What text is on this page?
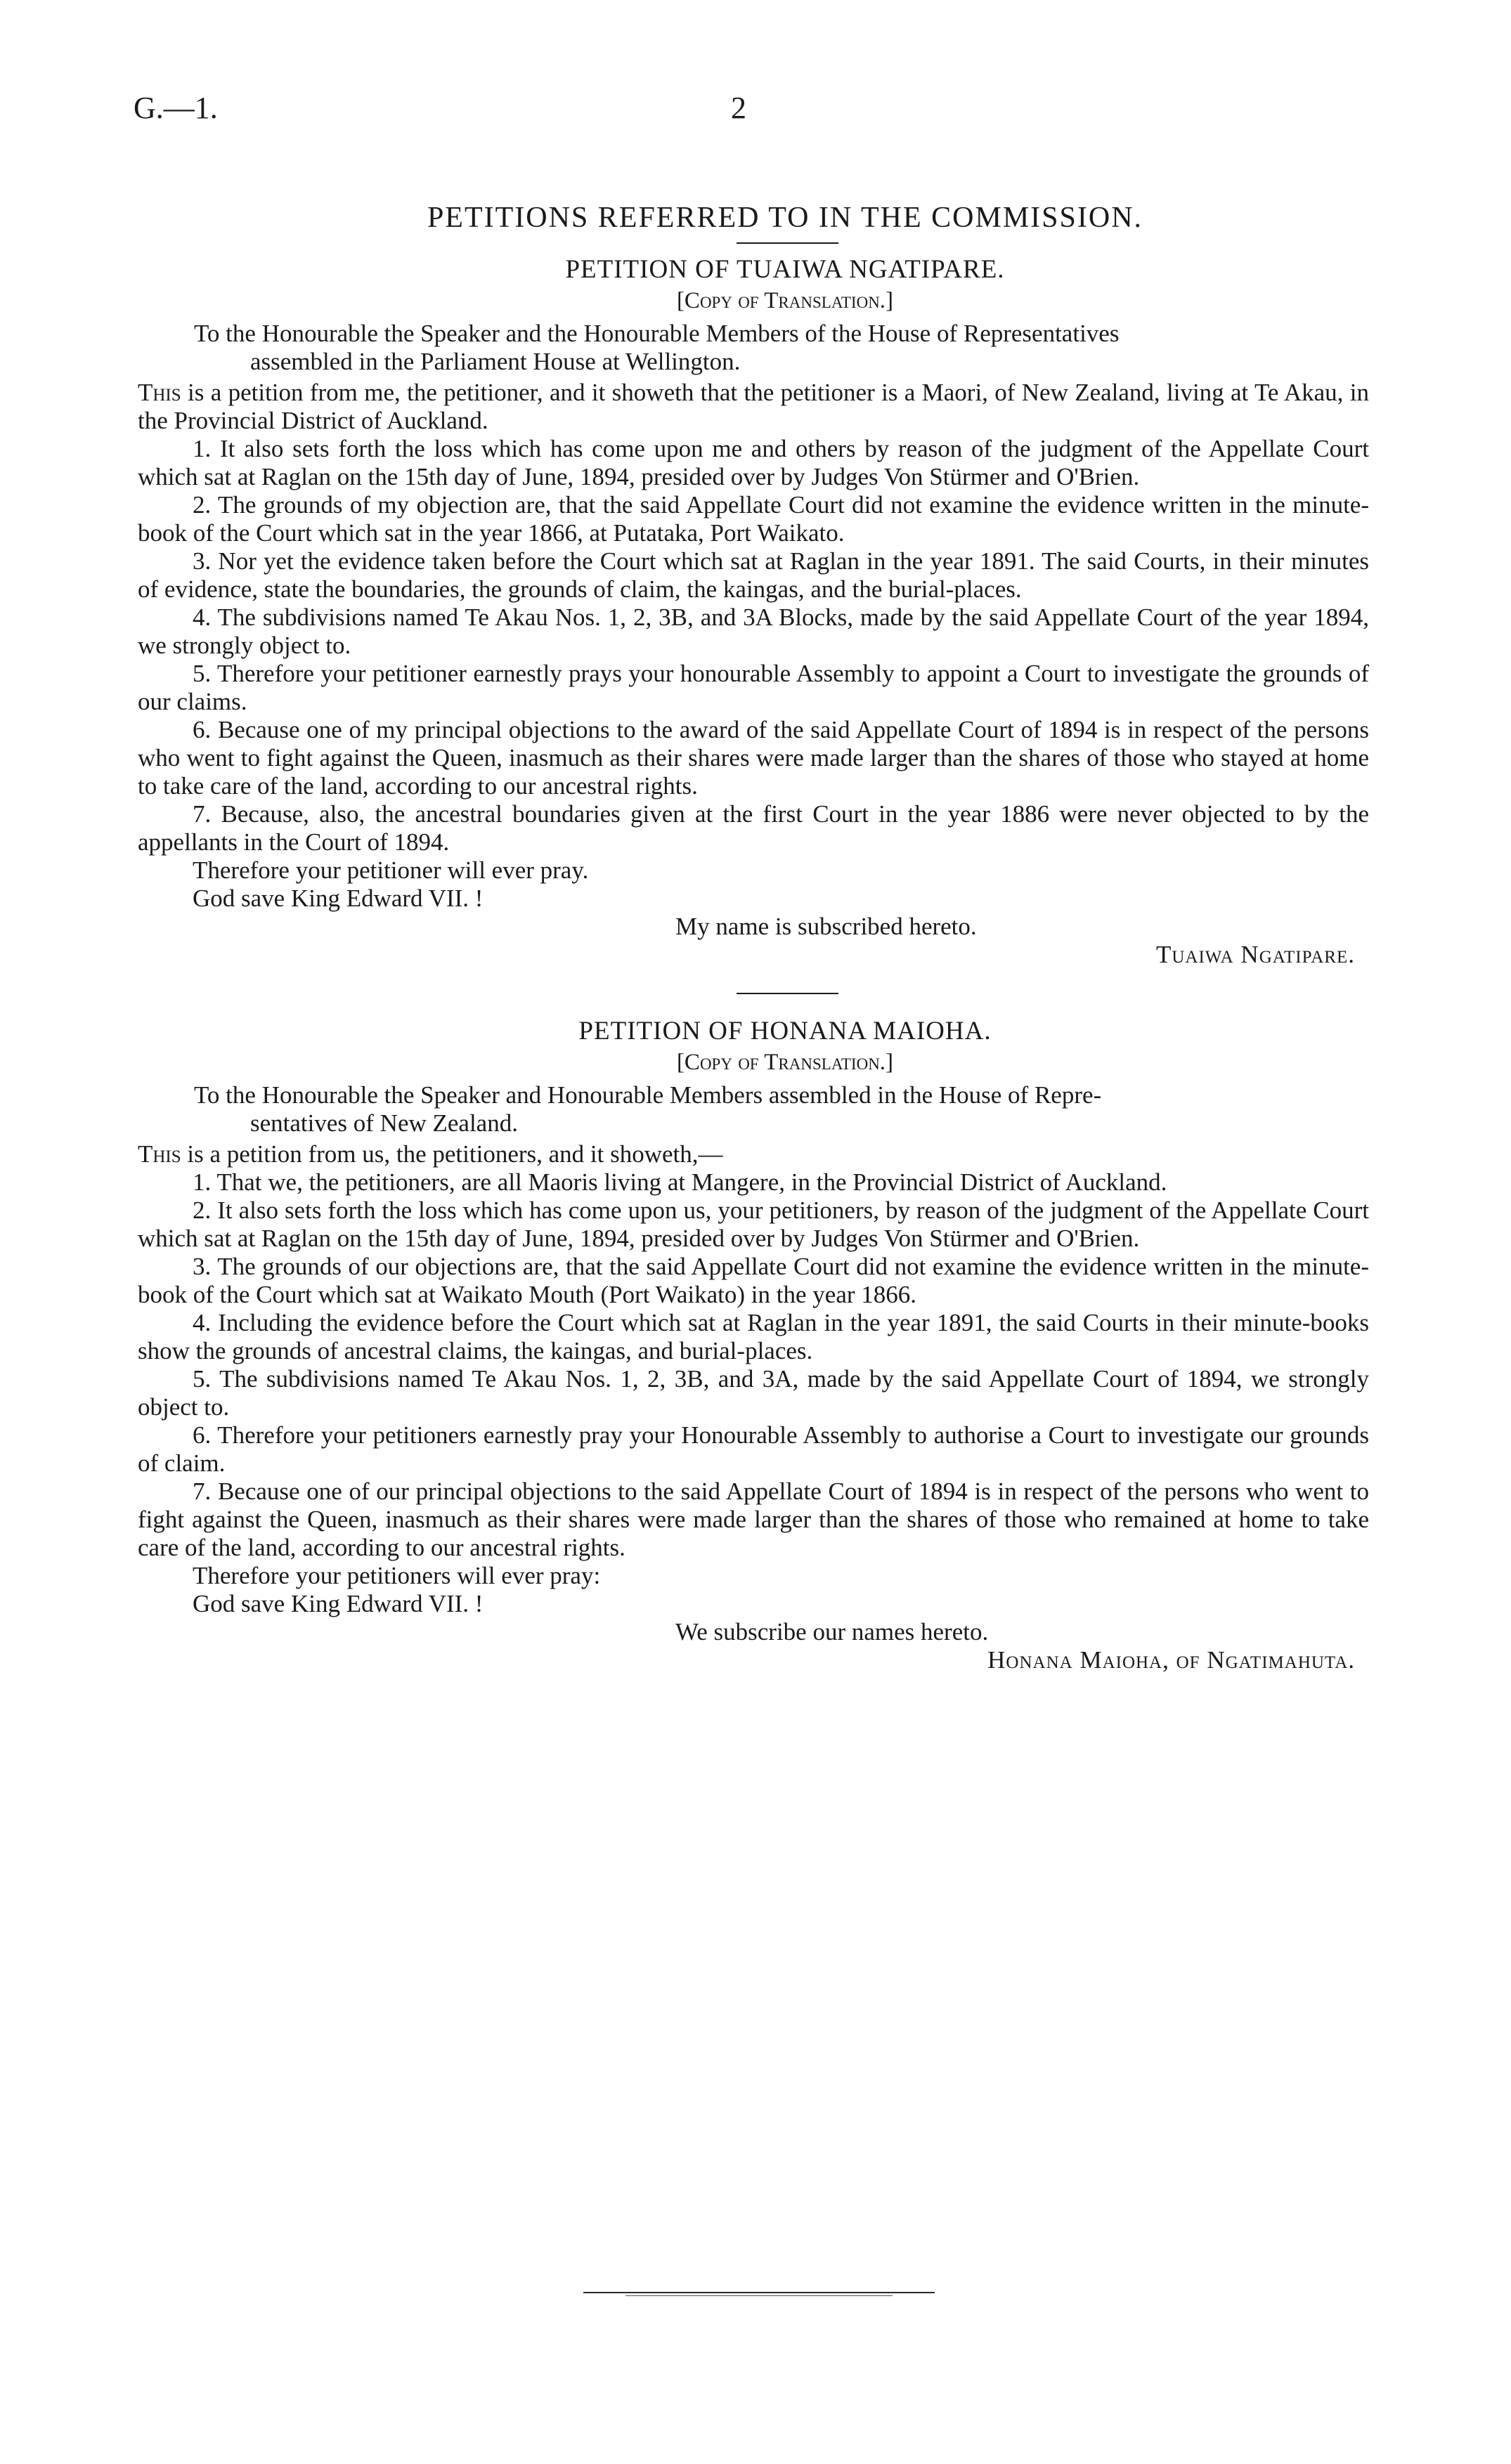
G.—1.	2
PETITIONS REFERRED TO IN THE COMMISSION.
PETITION OF TUAIWA NGATIPARE.
[Copy of Translation.]
To the Honourable the Speaker and the Honourable Members of the House of Representatives
assembled in the Parliament House at Wellington.

This is a petition from me, the petitioner, and it showeth that the petitioner is a Maori, of New Zealand, living at Te Akau, in the Provincial District of Auckland.

1. It also sets forth the loss which has come upon me and others by reason of the judgment of the Appellate Court which sat at Raglan on the 15th day of June, 1894, presided over by Judges Von Stürmer and O'Brien.

2. The grounds of my objection are, that the said Appellate Court did not examine the evidence written in the minute-book of the Court which sat in the year 1866, at Putataka, Port Waikato.

3. Nor yet the evidence taken before the Court which sat at Raglan in the year 1891. The said Courts, in their minutes of evidence, state the boundaries, the grounds of claim, the kaingas, and the burial-places.

4. The subdivisions named Te Akau Nos. 1, 2, 3B, and 3A Blocks, made by the said Appellate Court of the year 1894, we strongly object to.

5. Therefore your petitioner earnestly prays your honourable Assembly to appoint a Court to investigate the grounds of our claims.

6. Because one of my principal objections to the award of the said Appellate Court of 1894 is in respect of the persons who went to fight against the Queen, inasmuch as their shares were made larger than the shares of those who stayed at home to take care of the land, according to our ancestral rights.

7. Because, also, the ancestral boundaries given at the first Court in the year 1886 were never objected to by the appellants in the Court of 1894.

Therefore your petitioner will ever pray.
God save King Edward VII. !
My name is subscribed hereto.
Tuaiwa Ngatipare.
PETITION OF HONANA MAIOHA.
[Copy of Translation.]
To the Honourable the Speaker and Honourable Members assembled in the House of Repre-
sentatives of New Zealand.

This is a petition from us, the petitioners, and it showeth,—

1. That we, the petitioners, are all Maoris living at Mangere, in the Provincial District of Auckland.

2. It also sets forth the loss which has come upon us, your petitioners, by reason of the judgment of the Appellate Court which sat at Raglan on the 15th day of June, 1894, presided over by Judges Von Stürmer and O'Brien.

3. The grounds of our objections are, that the said Appellate Court did not examine the evidence written in the minute-book of the Court which sat at Waikato Mouth (Port Waikato) in the year 1866.

4. Including the evidence before the Court which sat at Raglan in the year 1891, the said Courts in their minute-books show the grounds of ancestral claims, the kaingas, and burial-places.

5. The subdivisions named Te Akau Nos. 1, 2, 3B, and 3A, made by the said Appellate Court of 1894, we strongly object to.

6. Therefore your petitioners earnestly pray your Honourable Assembly to authorise a Court to investigate our grounds of claim.

7. Because one of our principal objections to the said Appellate Court of 1894 is in respect of the persons who went to fight against the Queen, inasmuch as their shares were made larger than the shares of those who remained at home to take care of the land, according to our ancestral rights.

Therefore your petitioners will ever pray:
God save King Edward VII. !
We subscribe our names hereto.
Honana Maioha, of Ngatimahuta.
